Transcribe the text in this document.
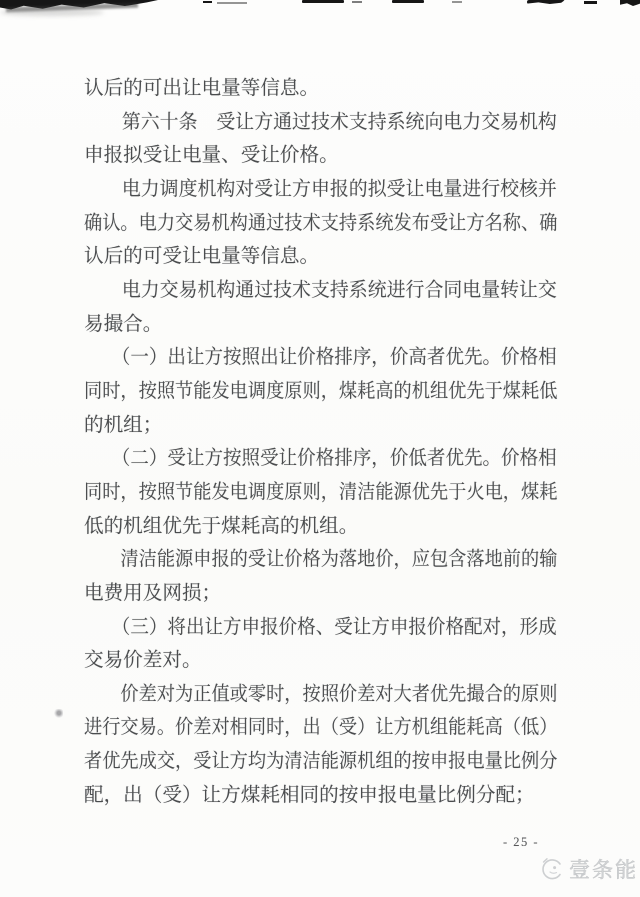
认后的可出让电量等信息。
　　第六十条　受让方通过技术支持系统向电力交易机构
申报拟受让电量、受让价格。
　　电力调度机构对受让方申报的拟受让电量进行校核并
确认。电力交易机构通过技术支持系统发布受让方名称、确
认后的可受让电量等信息。
　　电力交易机构通过技术支持系统进行合同电量转让交
易撮合。
　　（一）出让方按照出让价格排序，价高者优先。价格相
同时，按照节能发电调度原则，煤耗高的机组优先于煤耗低
的机组；
　　（二）受让方按照受让价格排序，价低者优先。价格相
同时，按照节能发电调度原则，清洁能源优先于火电，煤耗
低的机组优先于煤耗高的机组。
　　清洁能源申报的受让价格为落地价，应包含落地前的输
电费用及网损；
　　（三）将出让方申报价格、受让方申报价格配对，形成
交易价差对。
　　价差对为正值或零时，按照价差对大者优先撮合的原则
进行交易。价差对相同时，出（受）让方机组能耗高（低）
者优先成交，受让方均为清洁能源机组的按申报电量比例分
配，出（受）让方煤耗相同的按申报电量比例分配；
- 25 -
壹条能
